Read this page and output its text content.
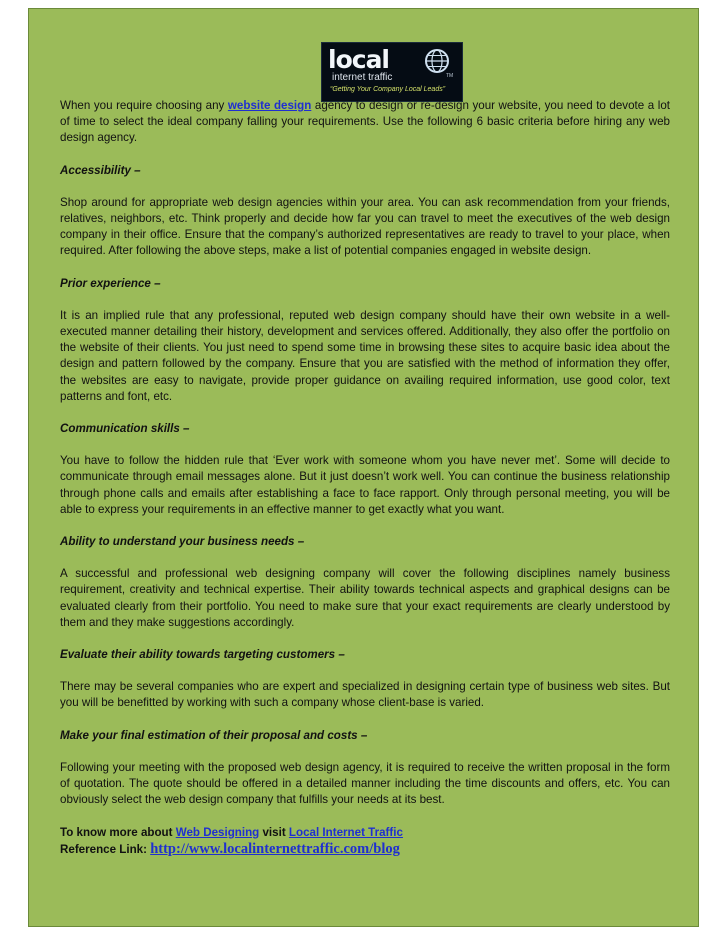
local
internet traffic	TM
“Getting Your Company Local Leads”

When you require choosing any website design agency to design or re-design your website, you need to devote a lot of time to select the ideal company falling your requirements. Use the following 6 basic criteria before hiring any web design agency.

Accessibility –

Shop around for appropriate web design agencies within your area. You can ask recommendation from your friends, relatives, neighbors, etc. Think properly and decide how far you can travel to meet the executives of the web design company in their office. Ensure that the company’s authorized representatives are ready to travel to your place, when required. After following the above steps, make a list of potential companies engaged in website design.

Prior experience –

It is an implied rule that any professional, reputed web design company should have their own website in a well-executed manner detailing their history, development and services offered. Additionally, they also offer the portfolio on the website of their clients. You just need to spend some time in browsing these sites to acquire basic idea about the design and pattern followed by the company. Ensure that you are satisfied with the method of information they offer, the websites are easy to navigate, provide proper guidance on availing required information, use good color, text patterns and font, etc.

Communication skills –

You have to follow the hidden rule that ‘Ever work with someone whom you have never met’. Some will decide to communicate through email messages alone. But it just doesn’t work well. You can continue the business relationship through phone calls and emails after establishing a face to face rapport. Only through personal meeting, you will be able to express your requirements in an effective manner to get exactly what you want.

Ability to understand your business needs –

A successful and professional web designing company will cover the following disciplines namely business requirement, creativity and technical expertise. Their ability towards technical aspects and graphical designs can be evaluated clearly from their portfolio. You need to make sure that your exact requirements are clearly understood by them and they make suggestions accordingly.

Evaluate their ability towards targeting customers –

There may be several companies who are expert and specialized in designing certain type of business web sites. But you will be benefitted by working with such a company whose client-base is varied.

Make your final estimation of their proposal and costs –

Following your meeting with the proposed web design agency, it is required to receive the written proposal in the form of quotation. The quote should be offered in a detailed manner including the time discounts and offers, etc. You can obviously select the web design company that fulfills your needs at its best.

To know more about Web Designing visit Local Internet Traffic

Reference Link: http://www.localinternettraffic.com/blog
